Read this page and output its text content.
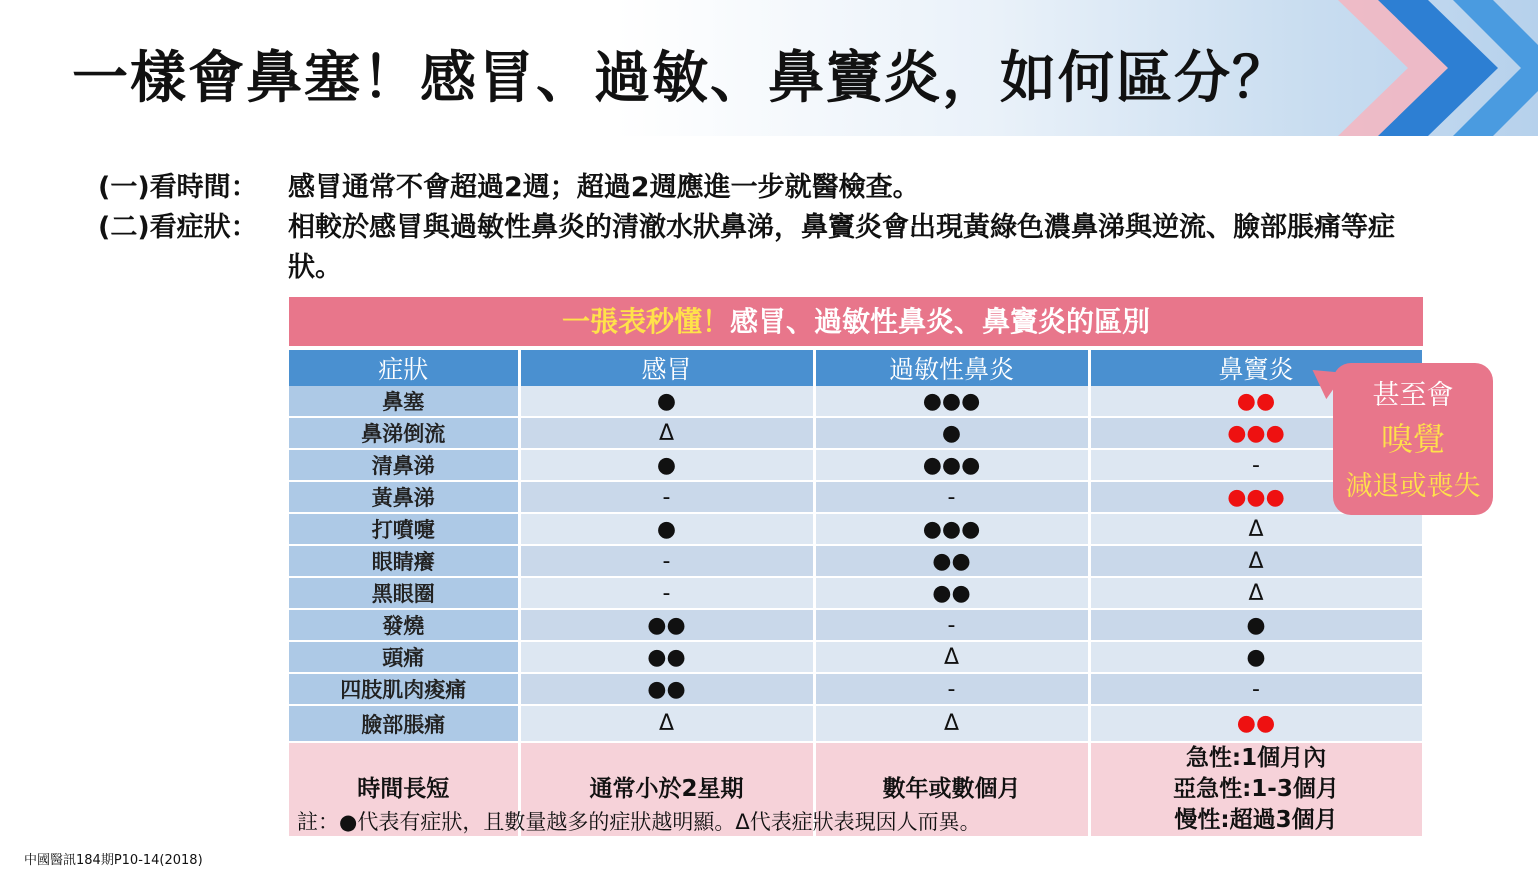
一樣會鼻塞！感冒、過敏、鼻竇炎，如何區分？
(一)看時間：	感冒通常不會超過2週；超過2週應進一步就醫檢查。
(二)看症狀：	相較於感冒與過敏性鼻炎的清澈水狀鼻涕，鼻竇炎會出現黃綠色濃鼻涕與逆流、臉部脹痛等症狀。
一張表秒懂！感冒、過敏性鼻炎、鼻竇炎的區別
症狀	感冒	過敏性鼻炎	鼻竇炎
鼻塞	●	●●●	●●
鼻涕倒流	Δ	●	●●●
清鼻涕	●	●●●	-
黃鼻涕	-	-	●●●
打噴嚏	●	●●●	Δ
眼睛癢	-	●●	Δ
黑眼圈	-	●●	Δ
發燒	●●	-	●
頭痛	●●	Δ	●
四肢肌肉痠痛	●●	-	-
臉部脹痛	Δ	Δ	●●
時間長短	通常小於2星期	數年或數個月	急性:1個月內
亞急性:1-3個月
慢性:超過3個月
甚至會
嗅覺
減退或喪失
註：●代表有症狀，且數量越多的症狀越明顯。Δ代表症狀表現因人而異。
中國醫訊184期P10-14(2018)
